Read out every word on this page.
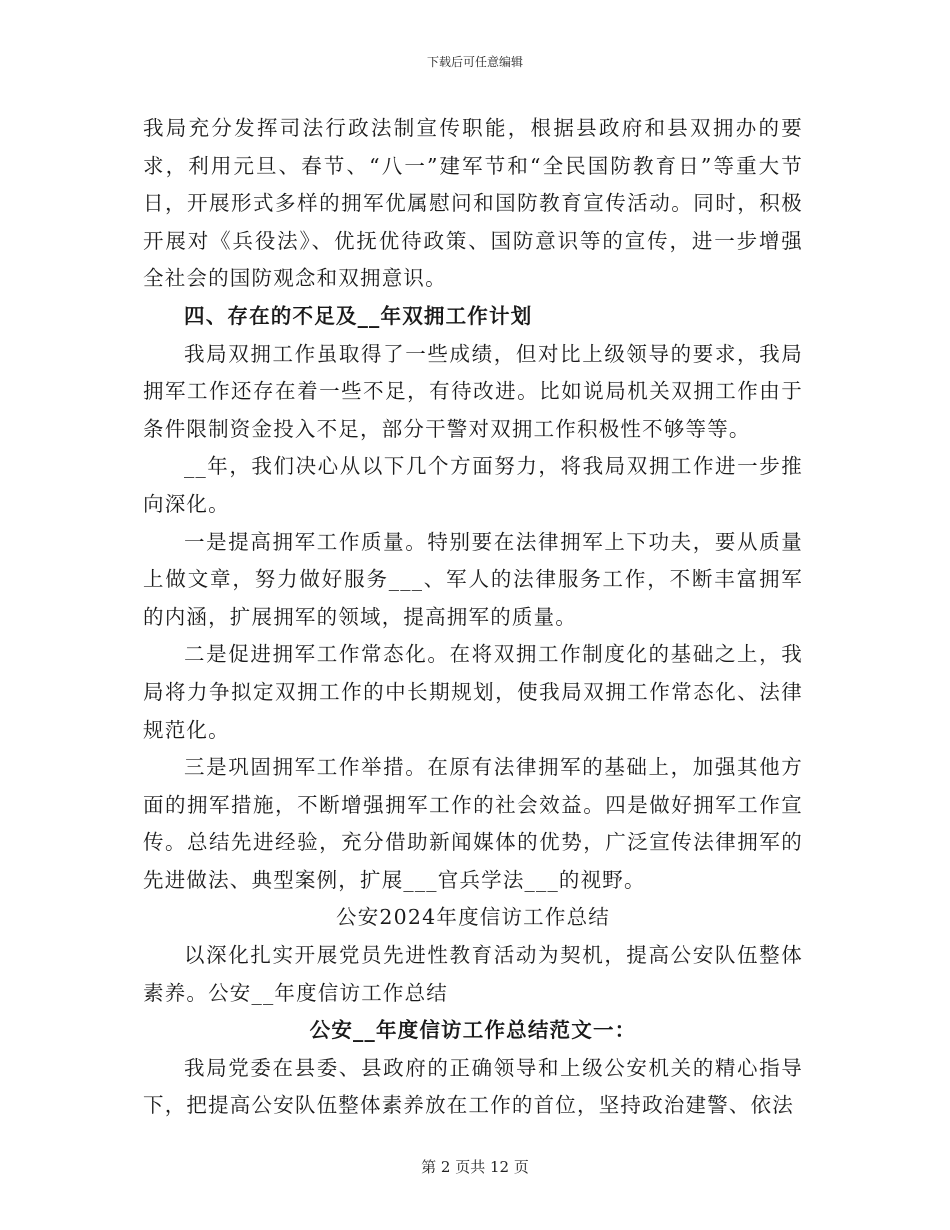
下载后可任意编辑

我局充分发挥司法行政法制宣传职能，根据县政府和县双拥办的要求，利用元旦、春节、“八一”建军节和“全民国防教育日”等重大节日，开展形式多样的拥军优属慰问和国防教育宣传活动。同时，积极开展对《兵役法》、优抚优待政策、国防意识等的宣传，进一步增强全社会的国防观念和双拥意识。

四、存在的不足及__年双拥工作计划

我局双拥工作虽取得了一些成绩，但对比上级领导的要求，我局拥军工作还存在着一些不足，有待改进。比如说局机关双拥工作由于条件限制资金投入不足，部分干警对双拥工作积极性不够等等。

__年，我们决心从以下几个方面努力，将我局双拥工作进一步推向深化。

一是提高拥军工作质量。特别要在法律拥军上下功夫，要从质量上做文章，努力做好服务___、军人的法律服务工作，不断丰富拥军的内涵，扩展拥军的领域，提高拥军的质量。

二是促进拥军工作常态化。在将双拥工作制度化的基础之上，我局将力争拟定双拥工作的中长期规划，使我局双拥工作常态化、法律规范化。

三是巩固拥军工作举措。在原有法律拥军的基础上，加强其他方面的拥军措施，不断增强拥军工作的社会效益。四是做好拥军工作宣传。总结先进经验，充分借助新闻媒体的优势，广泛宣传法律拥军的先进做法、典型案例，扩展___官兵学法___的视野。

公安2024年度信访工作总结

以深化扎实开展党员先进性教育活动为契机，提高公安队伍整体素养。公安__年度信访工作总结

公安__年度信访工作总结范文一：

我局党委在县委、县政府的正确领导和上级公安机关的精心指导下，把提高公安队伍整体素养放在工作的首位，坚持政治建警、依法

第 2 页共 12 页
